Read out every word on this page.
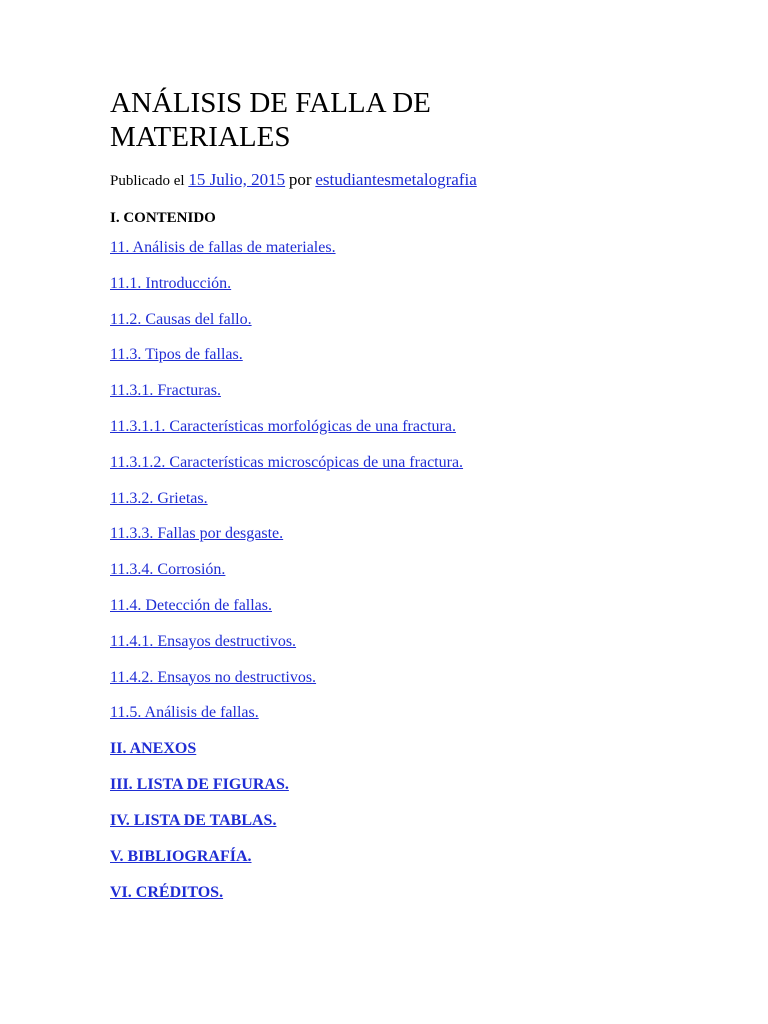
ANÁLISIS DE FALLA DE
MATERIALES
Publicado el 15 Julio, 2015 por estudiantesmetalografia
I. CONTENIDO
11. Análisis de fallas de materiales.
11.1. Introducción.
11.2. Causas del fallo.
11.3. Tipos de fallas.
11.3.1. Fracturas.
11.3.1.1. Características morfológicas de una fractura.
11.3.1.2. Características microscópicas de una fractura.
11.3.2. Grietas.
11.3.3. Fallas por desgaste.
11.3.4. Corrosión.
11.4. Detección de fallas.
11.4.1. Ensayos destructivos.
11.4.2. Ensayos no destructivos.
11.5. Análisis de fallas.
II. ANEXOS
III. LISTA DE FIGURAS.
IV. LISTA DE TABLAS.
V. BIBLIOGRAFÍA.
VI. CRÉDITOS.
